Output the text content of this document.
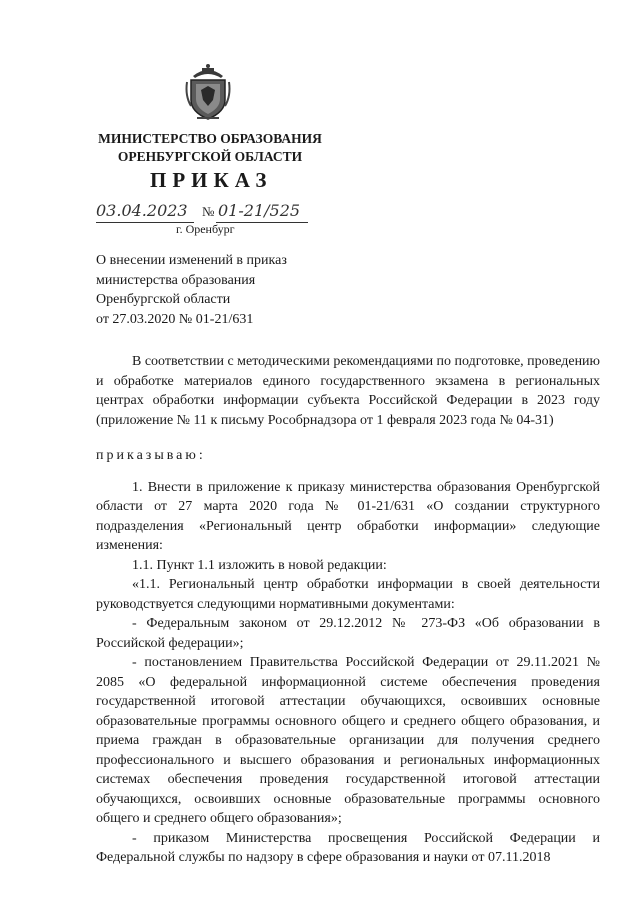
МИНИСТЕРСТВО ОБРАЗОВАНИЯ
ОРЕНБУРГСКОЙ ОБЛАСТИ
ПРИКАЗ
03.04.2023 № 01-21/525
г. Оренбург
О внесении изменений в приказ
министерства образования
Оренбургской области
от 27.03.2020 № 01-21/631

В соответствии с методическими рекомендациями по подготовке, проведению и обработке материалов единого государственного экзамена в региональных центрах обработки информации субъекта Российской Федерации в 2023 году (приложение № 11 к письму Рособрнадзора от 1 февраля 2023 года № 04-31)

приказываю:

1. Внести в приложение к приказу министерства образования Оренбургской области от 27 марта 2020 года № 01-21/631 «О создании структурного подразделения «Региональный центр обработки информации» следующие изменения:

1.1. Пункт 1.1 изложить в новой редакции:

«1.1. Региональный центр обработки информации в своей деятельности руководствуется следующими нормативными документами:

- Федеральным законом от 29.12.2012 № 273-ФЗ «Об образовании в Российской федерации»;

- постановлением Правительства Российской Федерации от 29.11.2021 № 2085 «О федеральной информационной системе обеспечения проведения государственной итоговой аттестации обучающихся, освоивших основные образовательные программы основного общего и среднего общего образования, и приема граждан в образовательные организации для получения среднего профессионального и высшего образования и региональных информационных системах обеспечения проведения государственной итоговой аттестации обучающихся, освоивших основные образовательные программы основного общего и среднего общего образования»;

- приказом Министерства просвещения Российской Федерации и Федеральной службы по надзору в сфере образования и науки от 07.11.2018
